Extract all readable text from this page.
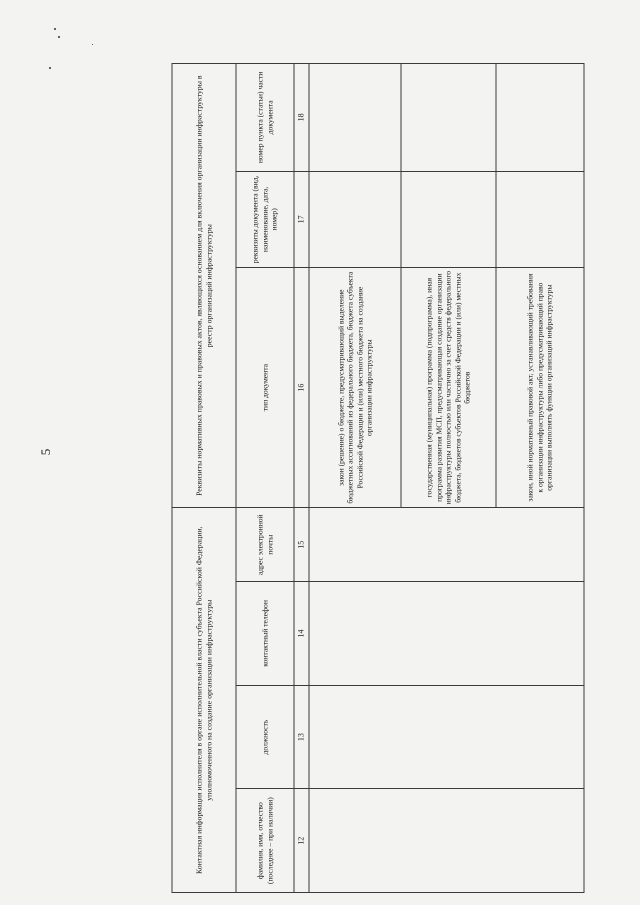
5
Контактная информация исполнителя в органе исполнительной власти субъекта Российской Федерации, уполномоченного на создание организации инфраструктуры				Реквизиты нормативных правовых и правовых актов, являющихся основанием для включения организации инфраструктуры в реестр организаций инфраструктуры		
фамилия, имя, отчество (последнее – при наличии)	должность	контактный телефон	адрес электронной почты	тип документа	реквизиты документа (вид, наименование, дата, номер)	номер пункта (статьи) части документа
12	13	14	15	16	17	18
				закон (решение) о бюджете, предусматривающий выделение бюджетных ассигнований из федерального бюджета, бюджета субъекта Российской Федерации и (или) местного бюджета на создание организации инфраструктуры		
				государственная (муниципальная) программа (подпрограмма), иная программа развития МСП, предусматривающая создание организации инфраструктуры полностью или частично за счет средств федерального бюджета, бюджетов субъектов Российской Федерации и (или) местных бюджетов		
				закон, иной нормативный правовой акт, устанавливающий требования к организации инфраструктуры либо предусматривающий право организации выполнять функции организаций инфраструктуры		
